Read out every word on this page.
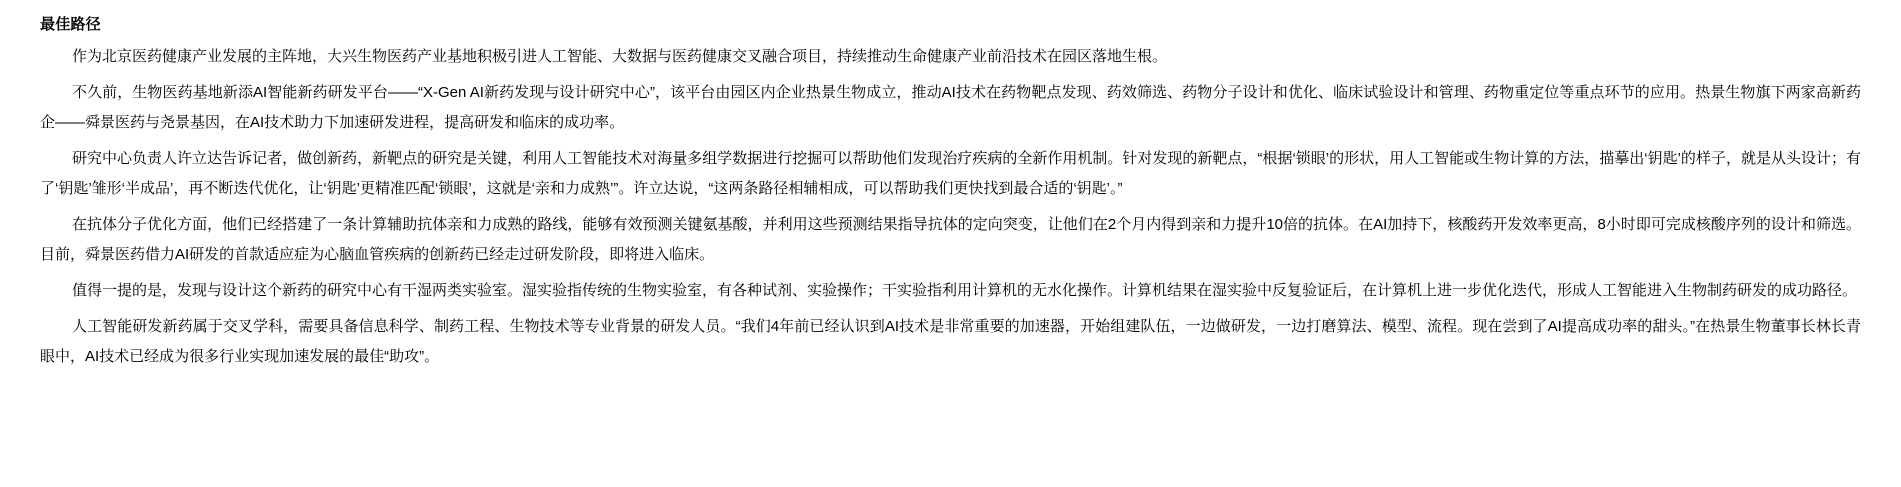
最佳路径

作为北京医药健康产业发展的主阵地，大兴生物医药产业基地积极引进人工智能、大数据与医药健康交叉融合项目，持续推动生命健康产业前沿技术在园区落地生根。

不久前，生物医药基地新添AI智能新药研发平台——“X-Gen AI新药发现与设计研究中心”，该平台由园区内企业热景生物成立，推动AI技术在药物靶点发现、药效筛选、药物分子设计和优化、临床试验设计和管理、药物重定位等重点环节的应用。热景生物旗下两家高新药企——舜景医药与尧景基因，在AI技术助力下加速研发进程，提高研发和临床的成功率。

研究中心负责人许立达告诉记者，做创新药，新靶点的研究是关键，利用人工智能技术对海量多组学数据进行挖掘可以帮助他们发现治疗疾病的全新作用机制。针对发现的新靶点，“根据‘锁眼’的形状，用人工智能或生物计算的方法，描摹出‘钥匙’的样子，就是从头设计；有了‘钥匙’雏形‘半成品’，再不断迭代优化，让‘钥匙’更精准匹配‘锁眼’，这就是‘亲和力成熟’”。许立达说，“这两条路径相辅相成，可以帮助我们更快找到最合适的‘钥匙’。”

在抗体分子优化方面，他们已经搭建了一条计算辅助抗体亲和力成熟的路线，能够有效预测关键氨基酸，并利用这些预测结果指导抗体的定向突变，让他们在2个月内得到亲和力提升10倍的抗体。在AI加持下，核酸药开发效率更高，8小时即可完成核酸序列的设计和筛选。目前，舜景医药借力AI研发的首款适应症为心脑血管疾病的创新药已经走过研发阶段，即将进入临床。

值得一提的是，发现与设计这个新药的研究中心有干湿两类实验室。湿实验指传统的生物实验室，有各种试剂、实验操作；干实验指利用计算机的无水化操作。计算机结果在湿实验中反复验证后，在计算机上进一步优化迭代，形成人工智能进入生物制药研发的成功路径。

人工智能研发新药属于交叉学科，需要具备信息科学、制药工程、生物技术等专业背景的研发人员。“我们4年前已经认识到AI技术是非常重要的加速器，开始组建队伍，一边做研发，一边打磨算法、模型、流程。现在尝到了AI提高成功率的甜头。”在热景生物董事长林长青眼中，AI技术已经成为很多行业实现加速发展的最佳“助攻”。
